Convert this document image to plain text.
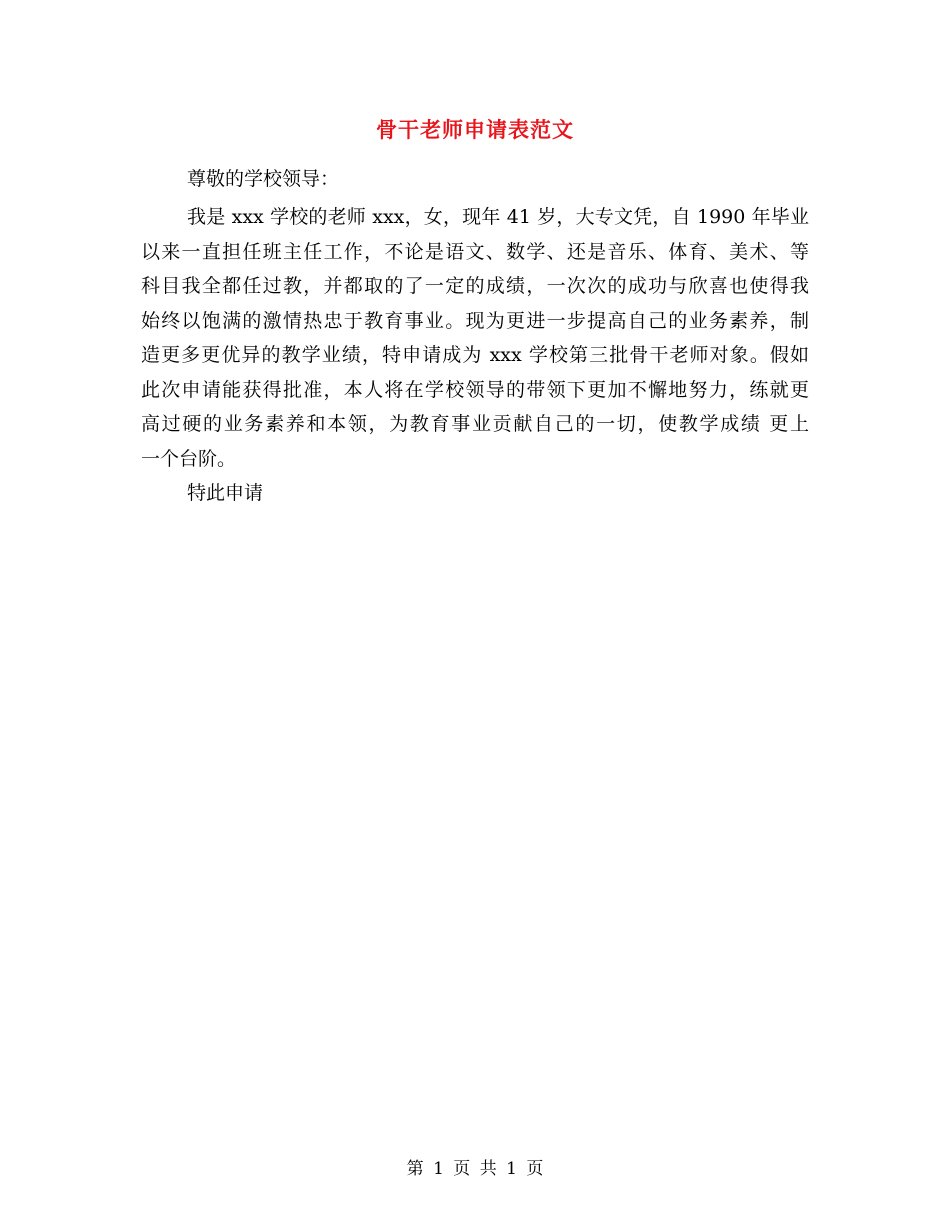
骨干老师申请表范文

尊敬的学校领导：

我是 xxx 学校的老师 xxx，女，现年 41 岁，大专文凭，自 1990 年毕业
以来一直担任班主任工作，不论是语文、数学、还是音乐、体育、美术、等
科目我全都任过教，并都取的了一定的成绩，一次次的成功与欣喜也使得我
始终以饱满的激情热忠于教育事业。现为更进一步提高自己的业务素养，制
造更多更优异的教学业绩，特申请成为 xxx 学校第三批骨干老师对象。假如
此次申请能获得批准，本人将在学校领导的带领下更加不懈地努力，练就更
高过硬的业务素养和本领，为教育事业贡献自己的一切，使教学成绩 更上
一个台阶。

特此申请

第 1 页 共 1 页
